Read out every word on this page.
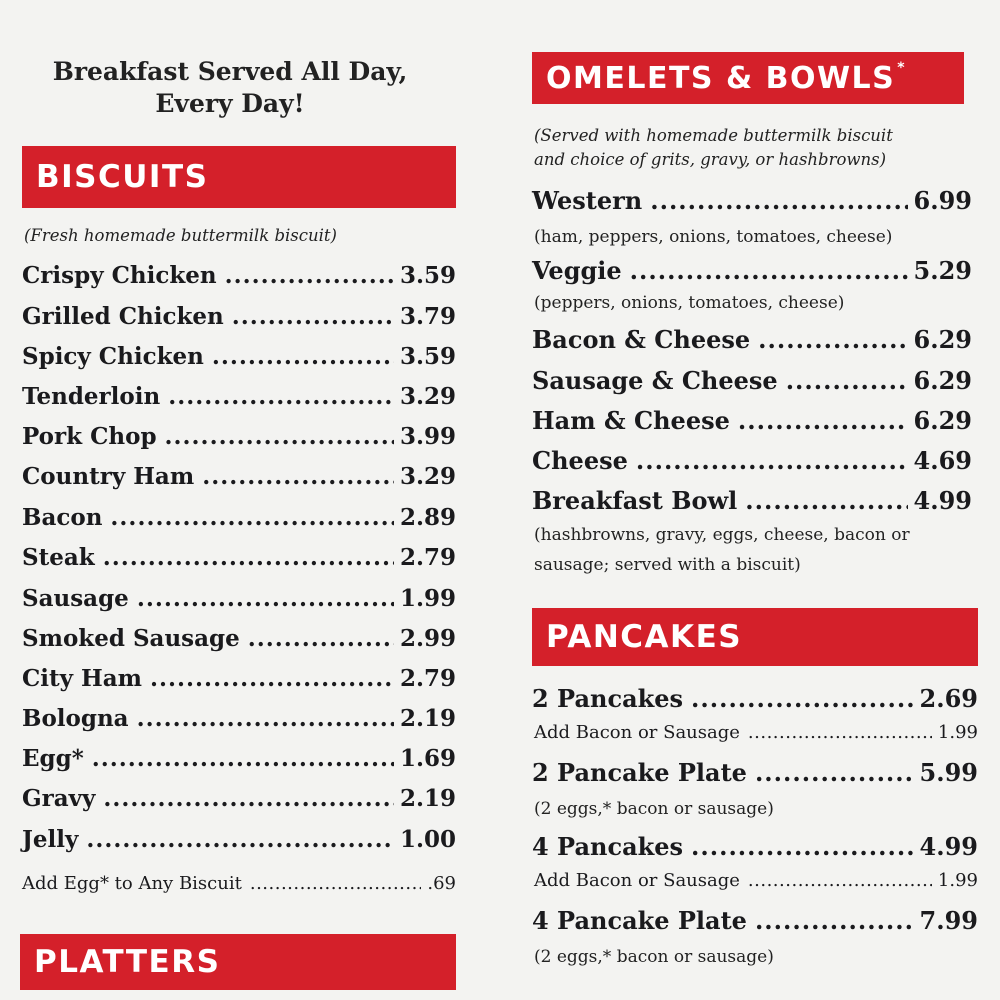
Breakfast Served All Day,
Every Day!
BISCUITS
(Fresh homemade buttermilk biscuit)
Crispy Chicken .....	3.59
Grilled Chicken .....	3.79
Spicy Chicken .....	3.59
Tenderloin .....	3.29
Pork Chop .....	3.99
Country Ham .....	3.29
Bacon .....	2.89
Steak .....	2.79
Sausage .....	1.99
Smoked Sausage .....	2.99
City Ham .....	2.79
Bologna .....	2.19
Egg* .....	1.69
Gravy .....	2.19
Jelly .....	1.00
Add Egg* to Any Biscuit .....	.69
PLATTERS
OMELETS & BOWLS*
(Served with homemade buttermilk biscuit
and choice of grits, gravy, or hashbrowns)
Western .....	6.99
(ham, peppers, onions, tomatoes, cheese)
Veggie .....	5.29
(peppers, onions, tomatoes, cheese)
Bacon & Cheese .....	6.29
Sausage & Cheese .....	6.29
Ham & Cheese .....	6.29
Cheese .....	4.69
Breakfast Bowl .....	4.99
(hashbrowns, gravy, eggs, cheese, bacon or
sausage; served with a biscuit)
PANCAKES
2 Pancakes .....	2.69
Add Bacon or Sausage .....	1.99
2 Pancake Plate .....	5.99
(2 eggs,* bacon or sausage)
4 Pancakes .....	4.99
Add Bacon or Sausage .....	1.99
4 Pancake Plate .....	7.99
(2 eggs,* bacon or sausage)
